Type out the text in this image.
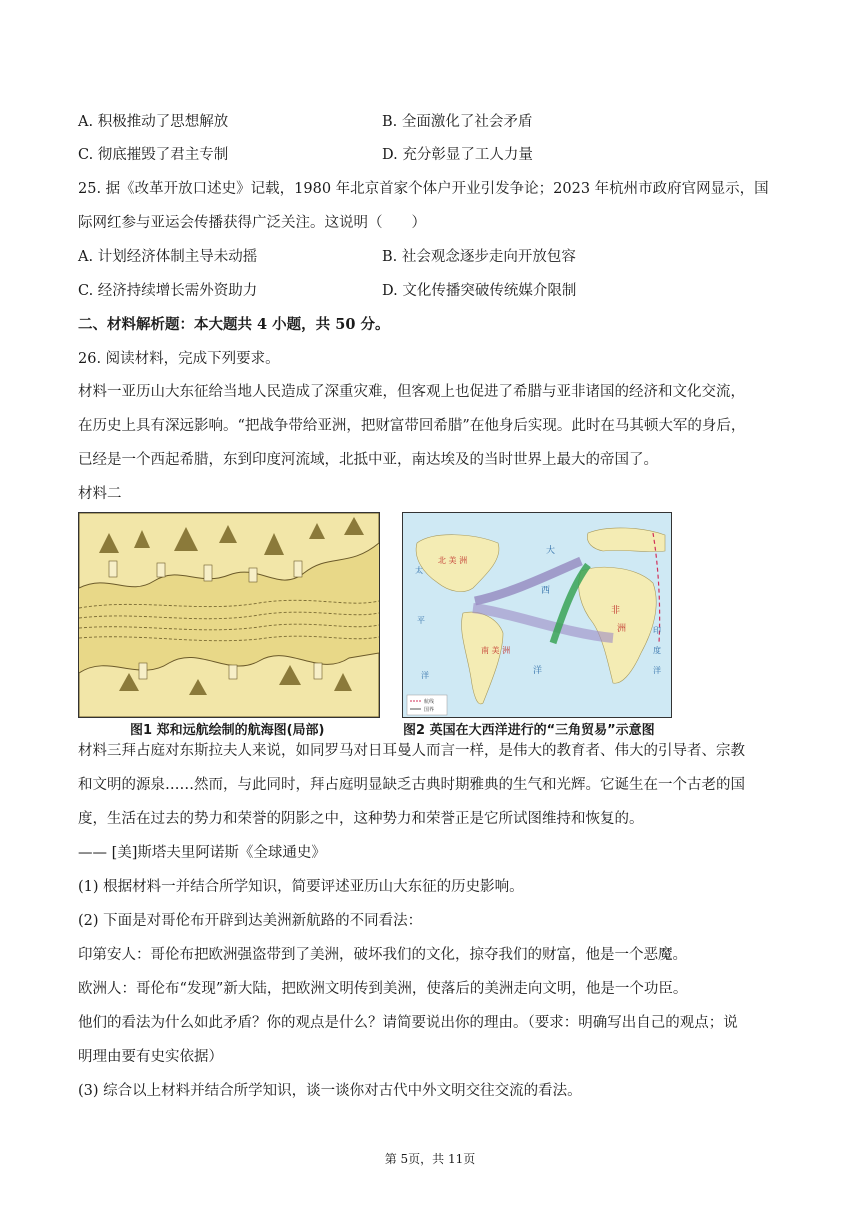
A. 积极推动了思想解放	B. 全面激化了社会矛盾
C. 彻底摧毁了君主专制	D. 充分彰显了工人力量
25. 据《改革开放口述史》记载，1980 年北京首家个体户开业引发争论；2023 年杭州市政府官网显示，国
际网红参与亚运会传播获得广泛关注。这说明（　　）
A. 计划经济体制主导未动摇	B. 社会观念逐步走向开放包容
C. 经济持续增长需外资助力	D. 文化传播突破传统媒介限制
二、材料解析题：本大题共 4 小题，共 50 分。
26. 阅读材料，完成下列要求。
材料一亚历山大东征给当地人民造成了深重灾难，但客观上也促进了希腊与亚非诸国的经济和文化交流，
在历史上具有深远影响。“把战争带给亚洲，把财富带回希腊”在他身后实现。此时在马其顿大军的身后，
已经是一个西起希腊，东到印度河流域，北抵中亚，南达埃及的当时世界上最大的帝国了。
材料二
图1 郑和远航绘制的航海图(局部)
北 美 洲
南 美 洲
非
洲
大
西
洋
太
平
洋
印
度
洋
航线
国界
图2 英国在大西洋进行的“三角贸易”示意图
材料三拜占庭对东斯拉夫人来说，如同罗马对日耳曼人而言一样，是伟大的教育者、伟大的引导者、宗教
和文明的源泉……然而，与此同时，拜占庭明显缺乏古典时期雅典的生气和光辉。它诞生在一个古老的国
度，生活在过去的势力和荣誉的阴影之中，这种势力和荣誉正是它所试图维持和恢复的。
—— [美]斯塔夫里阿诺斯《全球通史》
(1) 根据材料一并结合所学知识，简要评述亚历山大东征的历史影响。
(2) 下面是对哥伦布开辟到达美洲新航路的不同看法：
印第安人：哥伦布把欧洲强盗带到了美洲，破坏我们的文化，掠夺我们的财富，他是一个恶魔。
欧洲人：哥伦布“发现”新大陆，把欧洲文明传到美洲，使落后的美洲走向文明，他是一个功臣。
他们的看法为什么如此矛盾？你的观点是什么？请简要说出你的理由。（要求：明确写出自己的观点；说
明理由要有史实依据）
(3) 综合以上材料并结合所学知识，谈一谈你对古代中外文明交往交流的看法。
第 5页，共 11页
